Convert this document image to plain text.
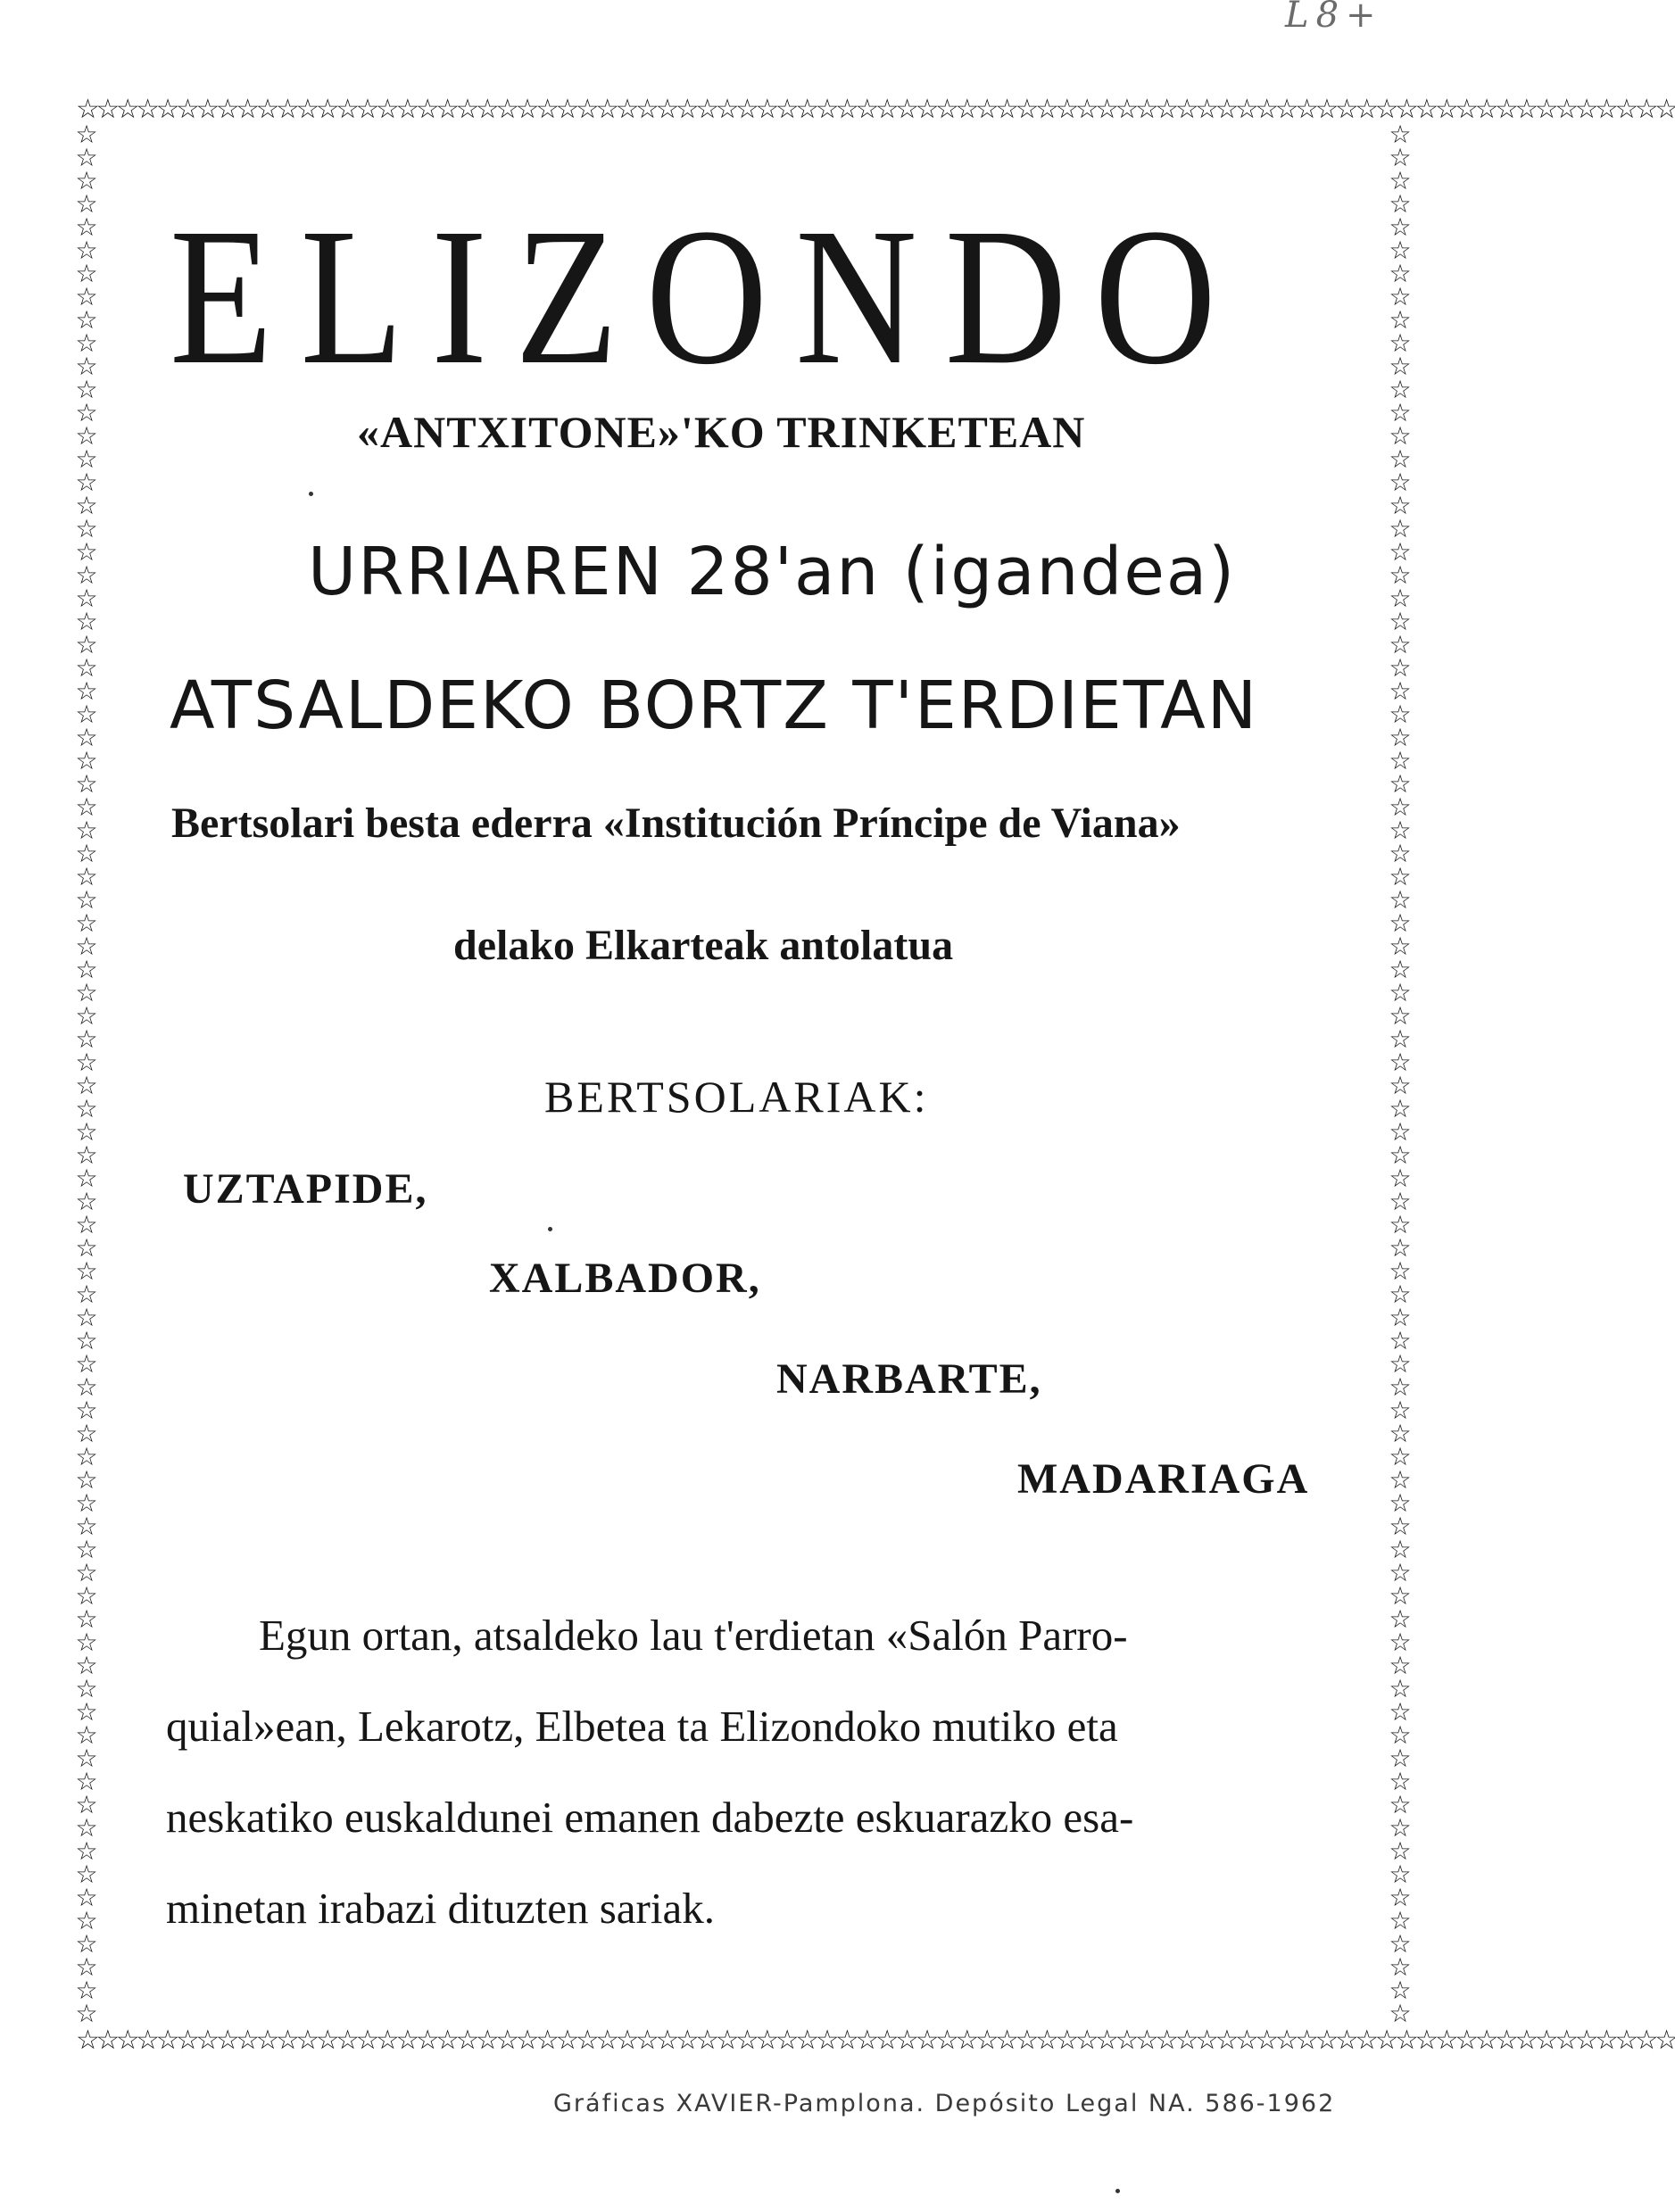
L8+
☆☆☆☆☆☆☆☆☆☆☆☆☆☆☆☆☆☆☆☆☆☆☆☆☆☆☆☆☆☆☆☆☆☆☆☆☆☆☆☆☆☆☆☆☆☆☆☆☆☆☆☆☆☆☆☆☆☆☆☆☆☆☆☆☆☆☆☆☆☆☆☆☆☆☆☆☆☆☆☆
☆☆☆☆☆☆☆☆☆☆☆☆☆☆☆☆☆☆☆☆☆☆☆☆☆☆☆☆☆☆☆☆☆☆☆☆☆☆☆☆☆☆☆☆☆☆☆☆☆☆☆☆☆☆☆☆☆☆☆☆☆☆☆☆☆☆☆☆☆☆☆☆☆☆☆☆☆☆☆☆☆☆
☆☆☆☆☆☆☆☆☆☆☆☆☆☆☆☆☆☆☆☆☆☆☆☆☆☆☆☆☆☆☆☆☆☆☆☆☆☆☆☆☆☆☆☆☆☆☆☆☆☆☆☆☆☆☆☆☆☆☆☆☆☆☆☆☆☆☆☆☆☆☆☆☆☆☆☆☆☆☆☆☆☆
☆☆☆☆☆☆☆☆☆☆☆☆☆☆☆☆☆☆☆☆☆☆☆☆☆☆☆☆☆☆☆☆☆☆☆☆☆☆☆☆☆☆☆☆☆☆☆☆☆☆☆☆☆☆☆☆☆☆☆☆☆☆☆☆☆☆☆☆☆☆☆☆☆☆☆☆☆☆☆☆
ELIZONDO

«ANTXITONE»'KO TRINKETEAN

URRIAREN 28'an (igandea)

ATSALDEKO BORTZ T'ERDIETAN

Bertsolari besta ederra «Institución Príncipe de Viana»

delako Elkarteak antolatua

BERTSOLARIAK:

UZTAPIDE,

XALBADOR,

NARBARTE,

MADARIAGA

Egun ortan, atsaldeko lau t'erdietan «Salón Parro-
quial»ean, Lekarotz, Elbetea ta Elizondoko mutiko eta
neskatiko euskaldunei emanen dabezte eskuarazko esa-
minetan irabazi dituzten sariak.

Gráficas XAVIER-Pamplona. Depósito Legal NA. 586-1962
